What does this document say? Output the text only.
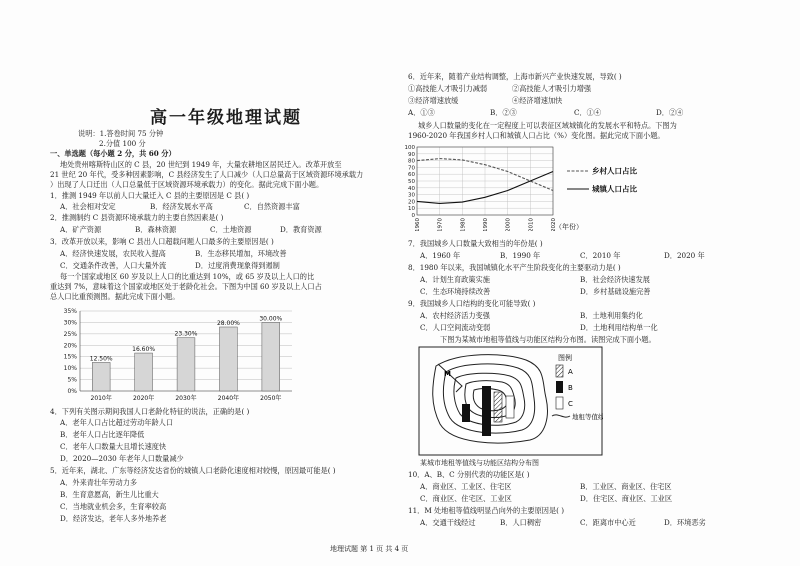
高一年级地理试题
说明：1.答卷时间 75 分钟
2.分值 100 分
一、单选题（每小题 2 分，共 60 分）
地处贵州喀斯特山区的 C 县，20 世纪到 1949 年，大量农耕地区居民迁入。改革开放至
21 世纪 20 年代，受多种因素影响，C 县经济发生了人口减少（人口总量高于区域资源环境承载力
）出现了人口迁出（人口总量低于区域资源环境承载力）的变化。据此完成下面小题。
1．推测 1949 年以前人口大量迁入 C 县的主要原因是 C 县( )
A．社会相对安定	B．经济发展水平高	C．自然资源丰富
2．推测制约 C 县资源环境承载力的主要自然因素是( )
A．矿产资源	B．森林资源	C．土地资源	D．教育资源
3．改革开放以来，影响 C 县出人口超载问题人口最多的主要原因是( )
A．经济快速发展，农民收入提高	B．生态移民增加，环境改善
C．交通条件改善，人口大量外流	D．过度消费现象得到遏制
每一个国家或地区 60 岁及以上人口的比重达到 10%，或 65 岁及以上人口的比
重达到 7%，意味着这个国家或地区处于老龄化社会。下图为中国 60 岁及以上人口占
总人口比重预测图。据此完成下面小题。
0%
5%
10%
15%
20%
25%
30%
35%
12.50%
2010年
16.60%
2020年
23.30%
2030年
28.00%
2040年
30.00%
2050年
4．下列有关图示期间我国人口老龄化特征的说法，正确的是( )
A．老年人口占比超过劳动年龄人口
B．老年人口占比逐年降低
C．老年人口数量大且增长速度快
D．2020—2030 年老年人口数量减少
5．近年来，湖北、广东等经济发达省份的城镇人口老龄化速度相对较慢，原因最可能是( )
A．外来青壮年劳动力多
B．生育意愿高，新生儿比重大
C．当地就业机会多，生育率较高
D．经济发达，老年人多外地养老
6．近年来，随着产业结构调整，上海市新兴产业快速发展，导致( )
①高技能人才吸引力减弱	②高技能人才吸引力增强
③经济增速放缓	④经济增速加快
A．①③	B．②③	C．①④	D．②④
城乡人口数量的变化在一定程度上可以表征区域城镇化的发展水平和特点。下图为
1960-2020 年我国乡村人口和城镇人口占比（%）变化图。据此完成下面小题。
0
10
20
30
40
50
60
70
80
90
100
1960	1970	1980	1990	2000	2010	2020
乡村人口占比
城镇人口占比
（年份）
7．我国城乡人口数量大致相当的年份是( )
A．1960 年	B．1990 年	C．2010 年	D．2020 年
8．1980 年以来，我国城镇化水平产生阶段变化的主要驱动力是( )
A．计划生育政策实施	B．社会经济快速发展
C．生态环境持续改善	D．乡村基础设施完善
9．我国城乡人口结构的变化可能导致( )
A．农村经济活力变强	B．土地利用集约化
C．人口空间流动变弱	D．土地利用结构单一化
下图为某城市地租等值线与功能区结构分布图。读图完成下面小题。
M
图例
A
B
C
地租等值线
某城市地租等值线与功能区结构分布图
10．A、B、C 分别代表的功能区是( )
A．商业区、工业区、住宅区	B．工业区、商业区、住宅区
C．商业区、住宅区、工业区	D．住宅区、商业区、工业区
11．M 处地租等值线明显凸向外的主要原因是( )
A．交通干线经过	B．人口稠密	C．距离市中心近	D．环境恶劣
地理试题 第 1 页 共 4 页
